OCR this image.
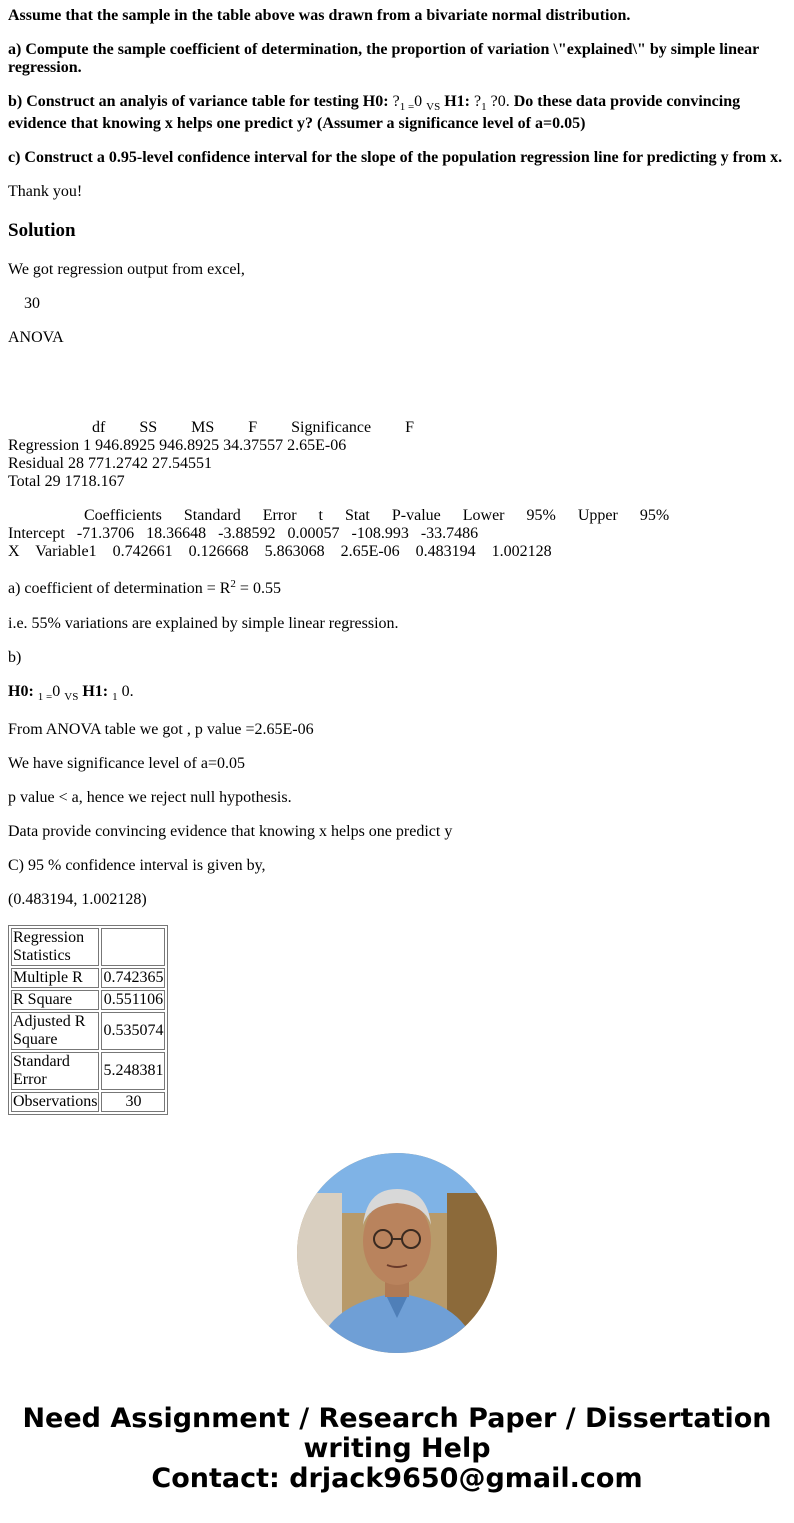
Assume that the sample in the table above was drawn from a bivariate normal distribution.
a) Compute the sample coefficient of determination, the proportion of variation \"explained\" by simple linear
regression.
b) Construct an analyis of variance table for testing H0: $?_{1 =}0$ $_{VS}$ H1: $?_1$ ?0. Do these data provide convincing
evidence that knowing x helps one predict y? (Assumer a significance level of a=0.05)
c) Construct a 0.95-level confidence interval for the slope of the population regression line for predicting y from x.
Thank you!
Solution
We got regression output from excel,
30
ANOVA
df SS MS F Significance F
Regression 1 946.8925 946.8925 34.37557 2.65E-06
Residual 28 771.2742 27.54551
Total 29 1718.167
Coefficients Standard Error t Stat P-value Lower 95% Upper 95%
Intercept -71.3706 18.36648 -3.88592 0.00057 -108.993 -33.7486
X Variable1 0.742661 0.126668 5.863068 2.65E-06 0.483194 1.002128
a) coefficient of determination = $R^2 = 0.55$
i.e. 55% variations are explained by simple linear regression.
b)
H0: $_{1 =}$0 $_{VS}$ H1: $_1$ 0.
From ANOVA table we got , p value =2.65E-06
We have significance level of a=0.05
p value < a, hence we reject null hypothesis.
Data provide convincing evidence that knowing x helps one predict y
C) 95 % confidence interval is given by,
(0.483194, 1.002128)
Regression Statistics	
Multiple R	0.742365
R Square	0.551106
Adjusted R Square	0.535074
Standard Error	5.248381
Observations	30
Need Assignment / Research Paper / Dissertation
writing Help
Contact: drjack9650@gmail.com
